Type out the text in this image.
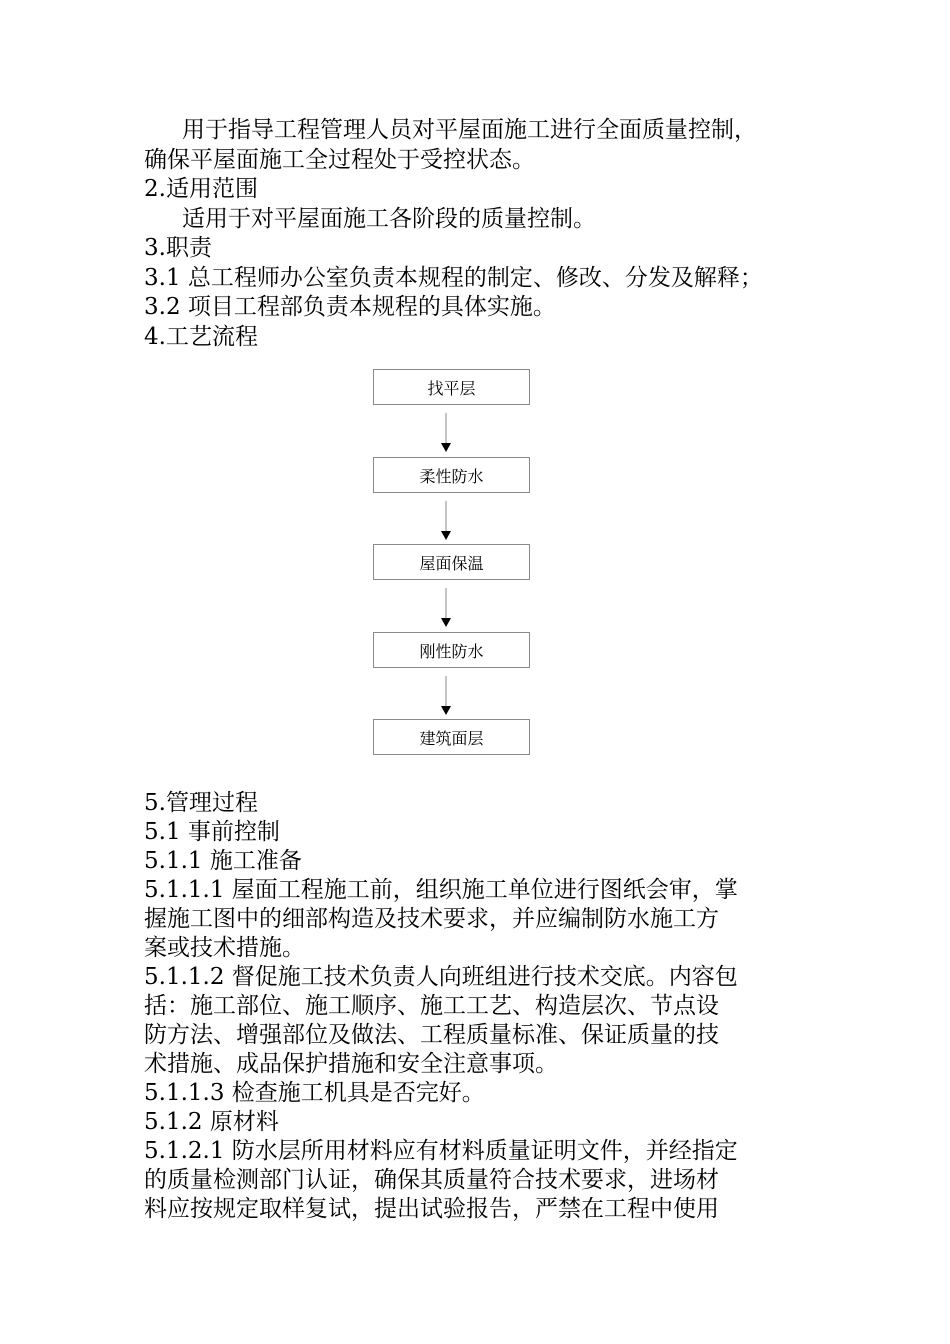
用于指导工程管理人员对平屋面施工进行全面质量控制，
确保平屋面施工全过程处于受控状态。
2.适用范围
适用于对平屋面施工各阶段的质量控制。
3.职责
3.1 总工程师办公室负责本规程的制定、修改、分发及解释；
3.2 项目工程部负责本规程的具体实施。
4.工艺流程
找平层
柔性防水
屋面保温
刚性防水
建筑面层
5.管理过程
5.1 事前控制
5.1.1 施工准备
5.1.1.1 屋面工程施工前，组织施工单位进行图纸会审，掌
握施工图中的细部构造及技术要求，并应编制防水施工方
案或技术措施。
5.1.1.2 督促施工技术负责人向班组进行技术交底。内容包
括：施工部位、施工顺序、施工工艺、构造层次、节点设
防方法、增强部位及做法、工程质量标准、保证质量的技
术措施、成品保护措施和安全注意事项。
5.1.1.3 检查施工机具是否完好。
5.1.2 原材料
5.1.2.1 防水层所用材料应有材料质量证明文件，并经指定
的质量检测部门认证，确保其质量符合技术要求，进场材
料应按规定取样复试，提出试验报告，严禁在工程中使用
